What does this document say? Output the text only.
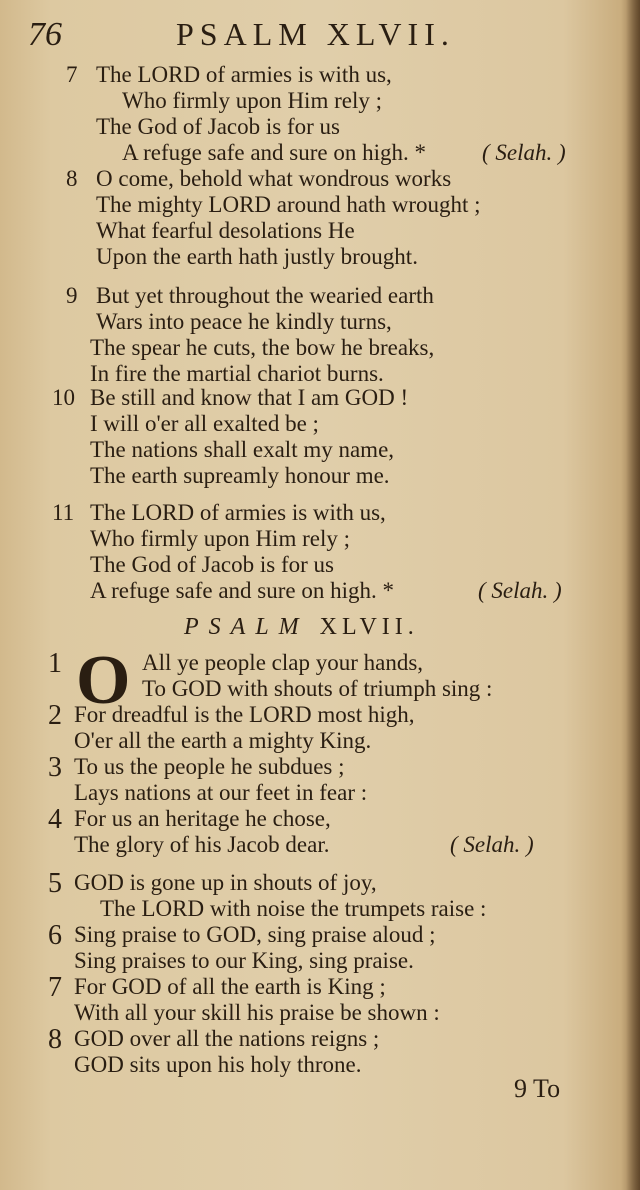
76	PSALM XLVII.
7 The LORD of armies is with us,
Who firmly upon Him rely ;
The God of Jacob is for us
A refuge safe and sure on high. * ( Selah. )
8 O come, behold what wondrous works
The mighty LORD around hath wrought ;
What fearful desolations He
Upon the earth hath justly brought.
9 But yet throughout the wearied earth
Wars into peace he kindly turns,
The spear he cuts, the bow he breaks,
In fire the martial chariot burns.
10 Be still and know that I am GOD !
I will o'er all exalted be ;
The nations shall exalt my name,
The earth supreamly honour me.
11 The LORD of armies is with us,
Who firmly upon Him rely ;
The God of Jacob is for us
A refuge safe and sure on high. *	( Selah. )
PSALM XLVII.
O
1	All ye people clap your hands,
To GOD with shouts of triumph sing :
2 For dreadful is the LORD most high,
O'er all the earth a mighty King.
3 To us the people he subdues ;
Lays nations at our feet in fear :
4 For us an heritage he chose,
The glory of his Jacob dear.	( Selah. )
5 GOD is gone up in shouts of joy,
The LORD with noise the trumpets raise :
6 Sing praise to GOD, sing praise aloud ;
Sing praises to our King, sing praise.
7 For GOD of all the earth is King ;
With all your skill his praise be shown :
8 GOD over all the nations reigns ;
GOD sits upon his holy throne.
9 To
